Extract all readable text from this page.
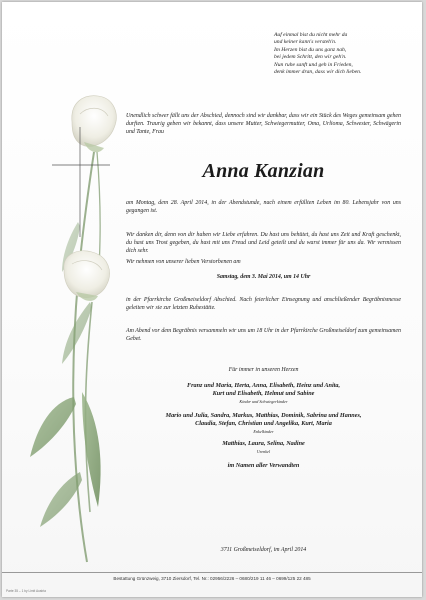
Auf einmal bist du nicht mehr da
und keiner kann's versteh'n.
Im Herzen bist du uns ganz nah,
bei jedem Schritt, den wir geh'n.
Nun ruhe sanft und geh in Frieden,
denk immer dran, dass wir dich lieben.
Unendlich schwer fällt uns der Abschied, dennoch sind wir dankbar, dass wir ein Stück des Weges gemeinsam gehen durften. Traurig geben wir bekannt, dass unsere Mutter, Schwiegermutter, Oma, Urlioma, Schwester, Schwägerin und Tante, Frau
Anna Kanzian
am Montag, dem 28. April 2014, in der Abendstunde, nach einem erfüllten Leben im 80. Lebensjahr von uns gegangen ist.
Wir danken dir, denn von dir haben wir Liebe erfahren. Du hast uns behütet, du hast uns Zeit und Kraft geschenkt, du hast uns Trost gegeben, du hast mit uns Freud und Leid geteilt und du warst immer für uns da. Wir vermissen dich sehr.
Wir nehmen von unserer lieben Verstorbenen am
Samstag, dem 3. Mai 2014, um 14 Uhr
in der Pfarrkirche Großmeiseldorf Abschied. Nach feierlicher Einsegnung und anschließender Begräbnismesse geleiten wir sie zur letzten Ruhestätte.
Am Abend vor dem Begräbnis versammeln wir uns um 18 Uhr in der Pfarrkirche Großmeiseldorf zum gemeinsamen Gebet.
Für immer in unseren Herzen
Franz und Maria, Herta, Anna, Elisabeth, Heinz und Anita,
Kurt und Elisabeth, Helmut und Sabine
Kinder und Schwiegerkinder
Mario und Julia, Sandra, Markus, Matthias, Dominik, Sabrina und Hannes,
Claudia, Stefan, Christian und Angelika, Kurt, Maria
Enkelkinder
Matthias, Laura, Selina, Nadine
Urenkel
im Namen aller Verwandten
3711 Großmeiseldorf, im April 2014
Bestattung Grünzweig, 3710 Ziersdorf, Tel. Nr.: 02956/2226 – 0680/219 11 46 – 0699/125 22 485
Parte 35 – 1 by Limit Austria
